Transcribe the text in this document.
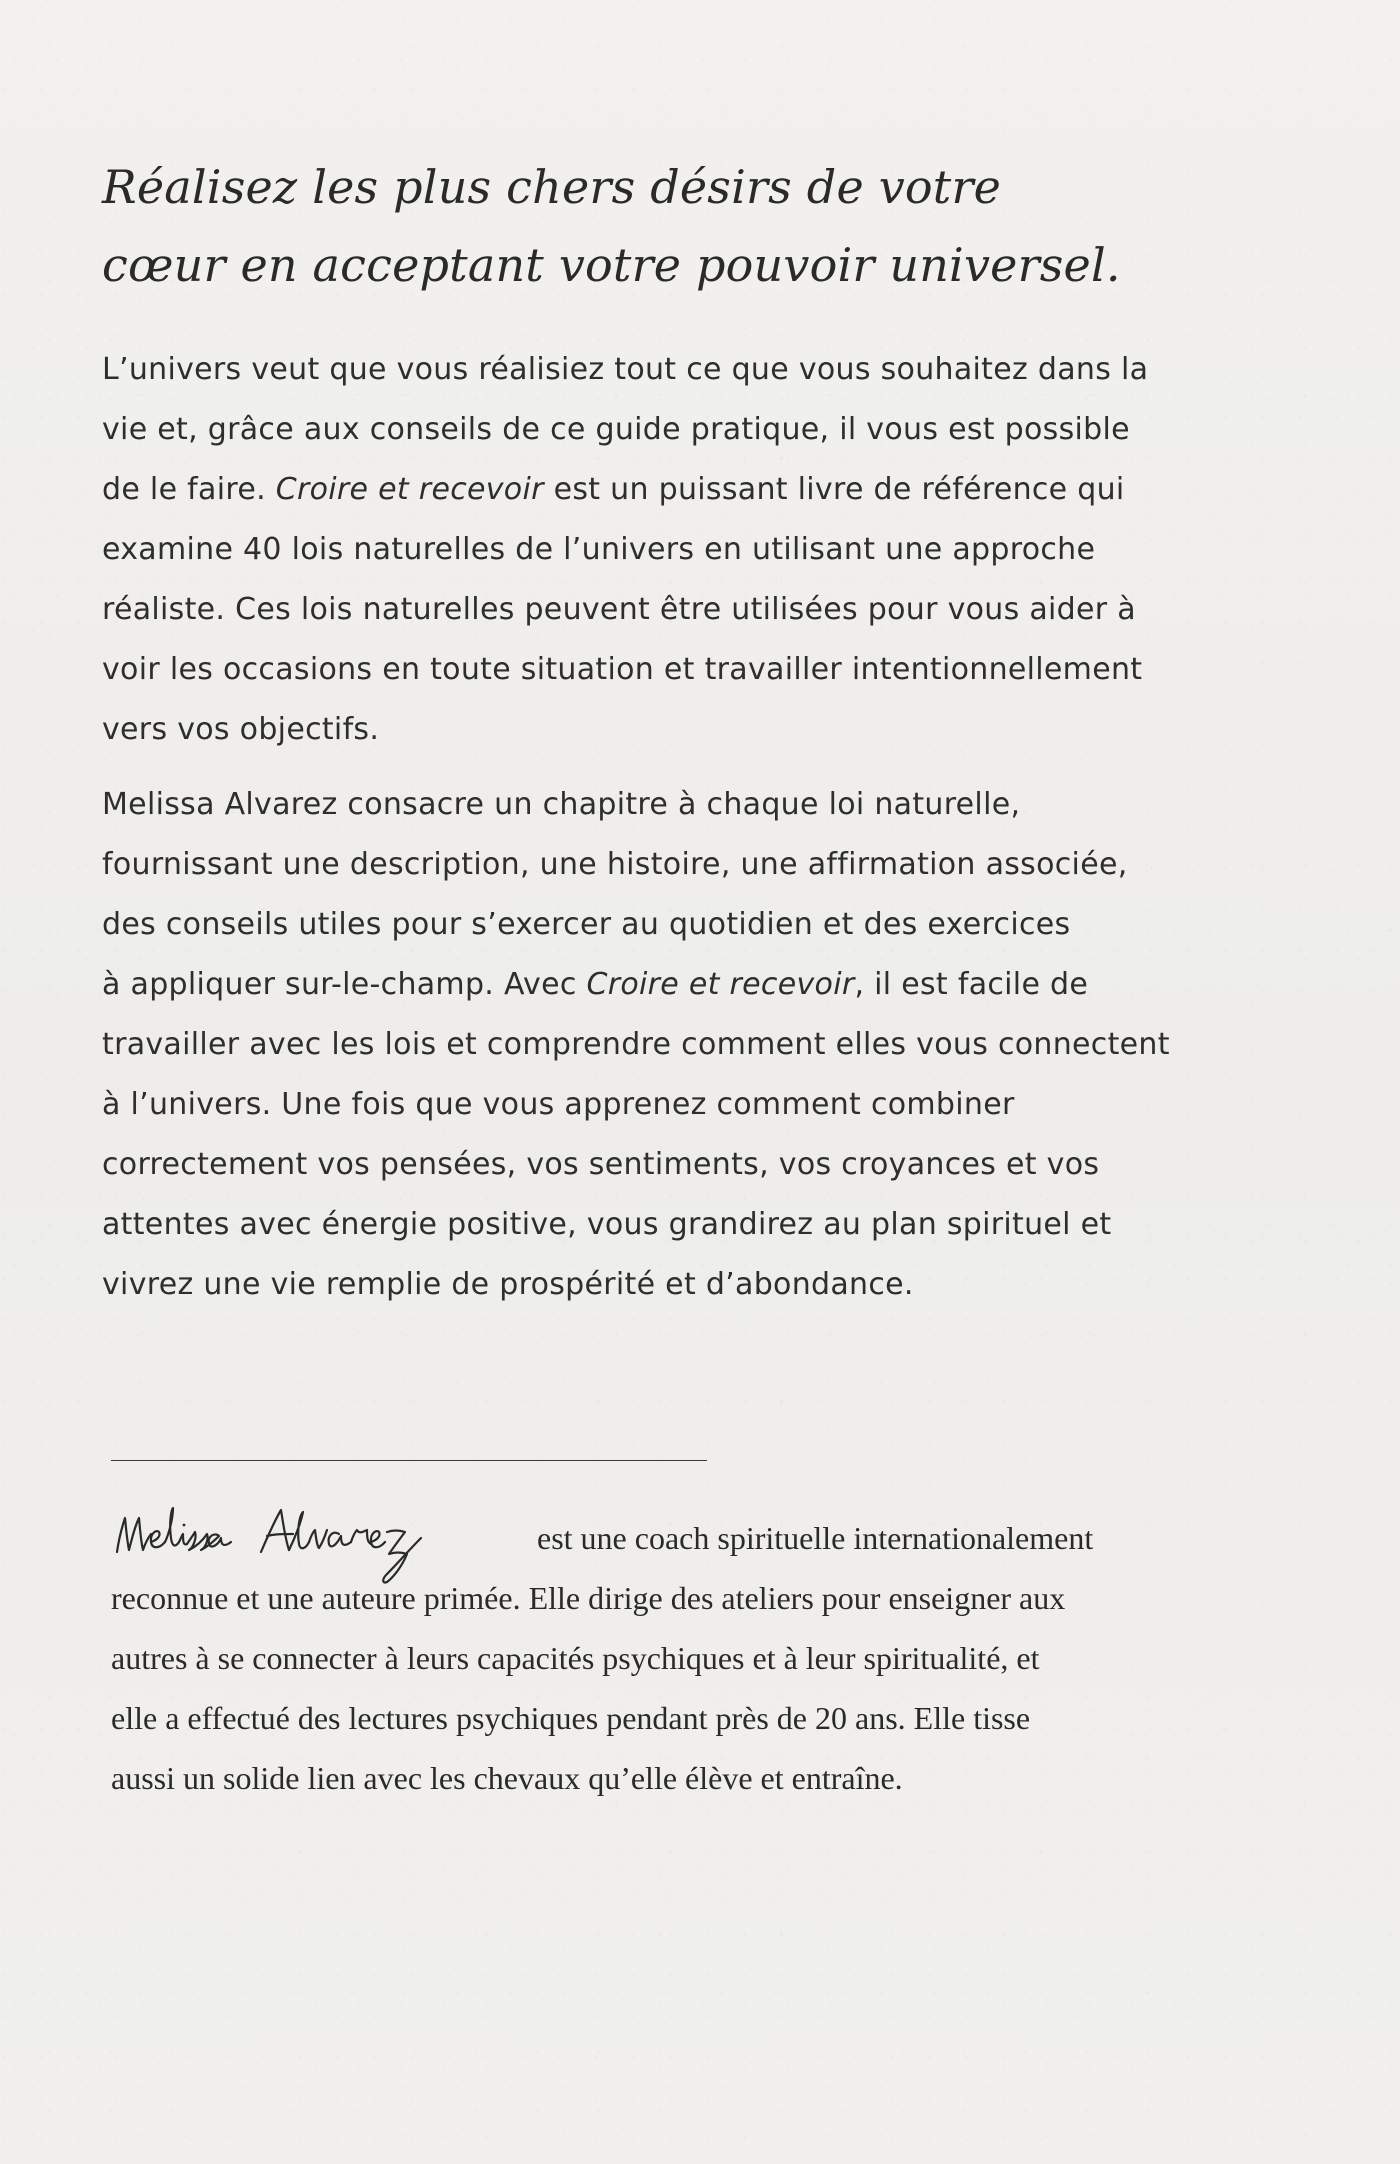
Réalisez les plus chers désirs de votre
cœur en acceptant votre pouvoir universel.

L’univers veut que vous réalisiez tout ce que vous souhaitez dans la
vie et, grâce aux conseils de ce guide pratique, il vous est possible
de le faire. Croire et recevoir est un puissant livre de référence qui
examine 40 lois naturelles de l’univers en utilisant une approche
réaliste. Ces lois naturelles peuvent être utilisées pour vous aider à
voir les occasions en toute situation et travailler intentionnellement
vers vos objectifs.

Melissa Alvarez consacre un chapitre à chaque loi naturelle,
fournissant une description, une histoire, une affirmation associée,
des conseils utiles pour s’exercer au quotidien et des exercices
à appliquer sur-le-champ. Avec Croire et recevoir, il est facile de
travailler avec les lois et comprendre comment elles vous connectent
à l’univers. Une fois que vous apprenez comment combiner
correctement vos pensées, vos sentiments, vos croyances et vos
attentes avec énergie positive, vous grandirez au plan spirituel et
vivrez une vie remplie de prospérité et d’abondance.

est une coach spirituelle internationalement
reconnue et une auteure primée. Elle dirige des ateliers pour enseigner aux
autres à se connecter à leurs capacités psychiques et à leur spiritualité, et
elle a effectué des lectures psychiques pendant près de 20 ans. Elle tisse
aussi un solide lien avec les chevaux qu’elle élève et entraîne.
